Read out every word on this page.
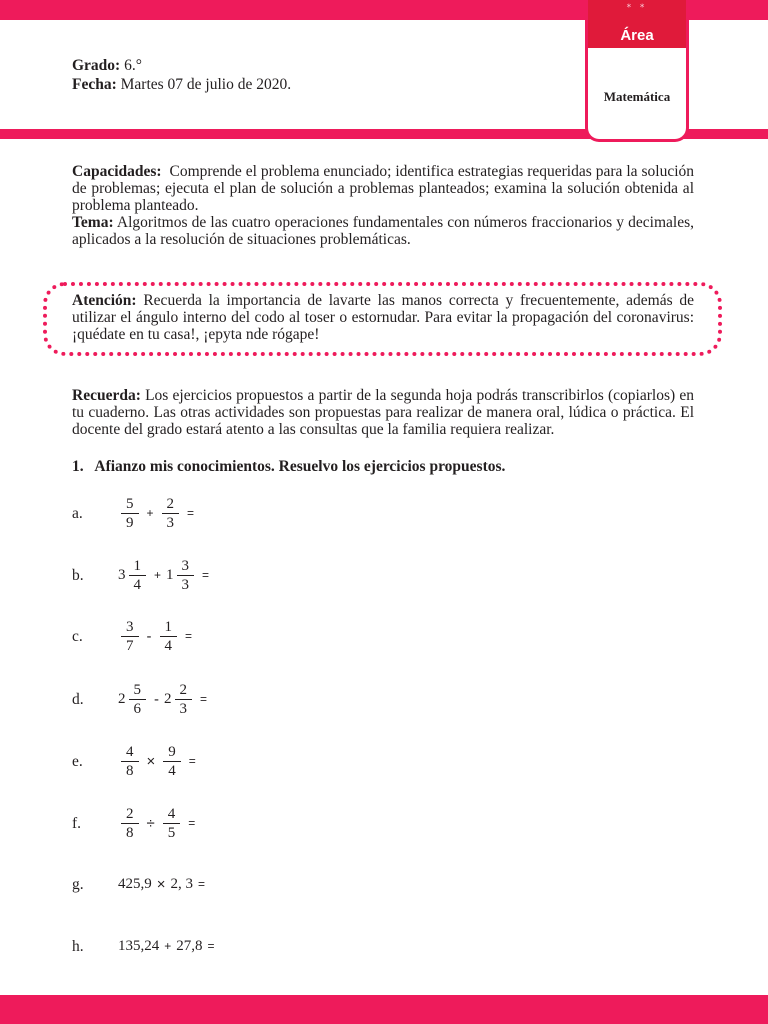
* *
Área
Matemática
Grado: 6.°
Fecha: Martes 07 de julio de 2020.
Capacidades: Comprende el problema enunciado; identifica estrategias requeridas para la solución de problemas; ejecuta el plan de solución a problemas planteados; examina la solución obtenida al problema planteado.
Tema: Algoritmos de las cuatro operaciones fundamentales con números fraccionarios y decimales, aplicados a la resolución de situaciones problemáticas.
Atención: Recuerda la importancia de lavarte las manos correcta y frecuentemente, además de utilizar el ángulo interno del codo al toser o estornudar. Para evitar la propagación del coronavirus: ¡quédate en tu casa!, ¡epyta nde rógape!
Recuerda: Los ejercicios propuestos a partir de la segunda hoja podrás transcribirlos (copiarlos) en tu cuaderno. Las otras actividades son propuestas para realizar de manera oral, lúdica o práctica. El docente del grado estará atento a las consultas que la familia requiera realizar.
1.   Afianzo mis conocimientos. Resuelvo los ejercicios propuestos.
a.	$\frac{5}{9} + \frac{2}{3}$ =
b. $3 \frac{1}{4} + 1 \frac{3}{3}$ =
c.	$\frac{3}{7} - \frac{1}{4}$ =
d. $2 \frac{5}{6} - 2 \frac{2}{3}$ =
e.	$\frac{4}{8} \times \frac{9}{4}$ =
f.	$\frac{2}{8} \div \frac{4}{5}$ =
g. 425,9 × 2, 3 =
h. 135,24 + 27,8 =
